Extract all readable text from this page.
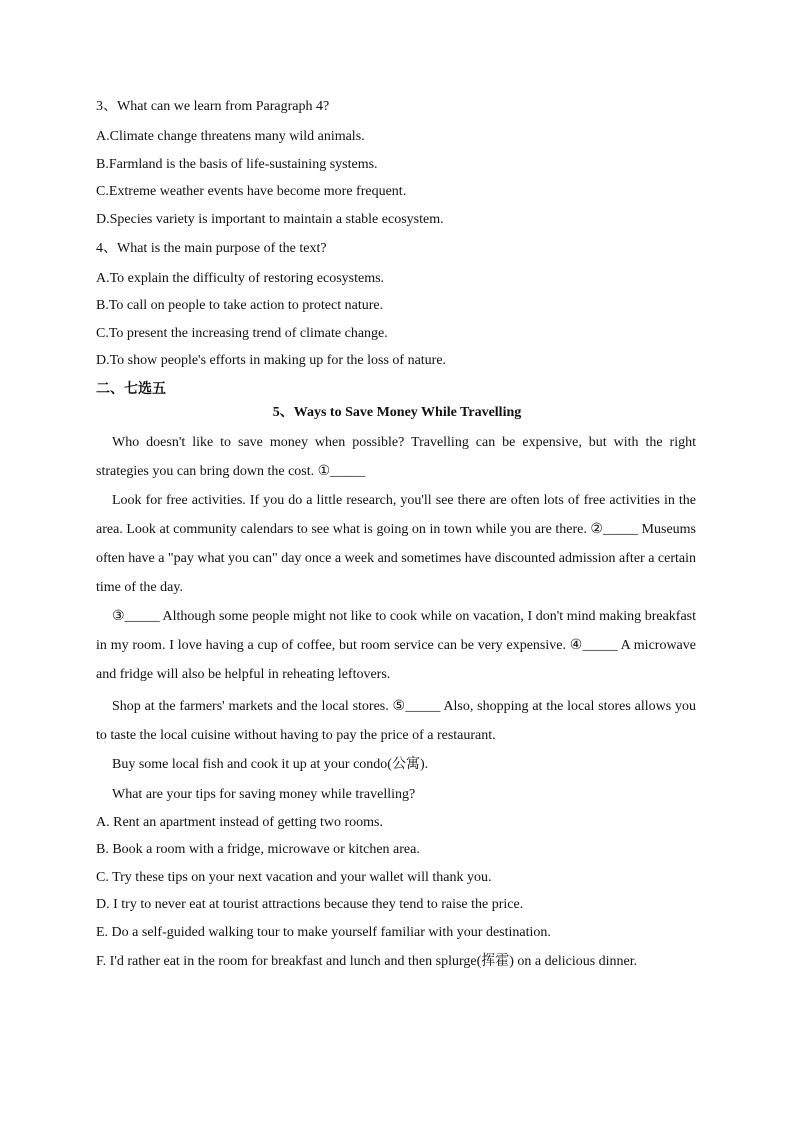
3、What can we learn from Paragraph 4?
A.Climate change threatens many wild animals.
B.Farmland is the basis of life-sustaining systems.
C.Extreme weather events have become more frequent.
D.Species variety is important to maintain a stable ecosystem.
4、What is the main purpose of the text?
A.To explain the difficulty of restoring ecosystems.
B.To call on people to take action to protect nature.
C.To present the increasing trend of climate change.
D.To show people's efforts in making up for the loss of nature.
二、七选五
5、Ways to Save Money While Travelling
Who doesn't like to save money when possible? Travelling can be expensive, but with the right strategies you can bring down the cost. ①_____
Look for free activities. If you do a little research, you'll see there are often lots of free activities in the area. Look at community calendars to see what is going on in town while you are there. ②_____ Museums often have a "pay what you can" day once a week and sometimes have discounted admission after a certain time of the day.
③_____ Although some people might not like to cook while on vacation, I don't mind making breakfast in my room. I love having a cup of coffee, but room service can be very expensive. ④_____ A microwave and fridge will also be helpful in reheating leftovers.
Shop at the farmers' markets and the local stores. ⑤_____ Also, shopping at the local stores allows you to taste the local cuisine without having to pay the price of a restaurant.
Buy some local fish and cook it up at your condo(公寓).
What are your tips for saving money while travelling?
A. Rent an apartment instead of getting two rooms.
B. Book a room with a fridge, microwave or kitchen area.
C. Try these tips on your next vacation and your wallet will thank you.
D. I try to never eat at tourist attractions because they tend to raise the price.
E. Do a self-guided walking tour to make yourself familiar with your destination.
F. I'd rather eat in the room for breakfast and lunch and then splurge(挥霍) on a delicious dinner.
